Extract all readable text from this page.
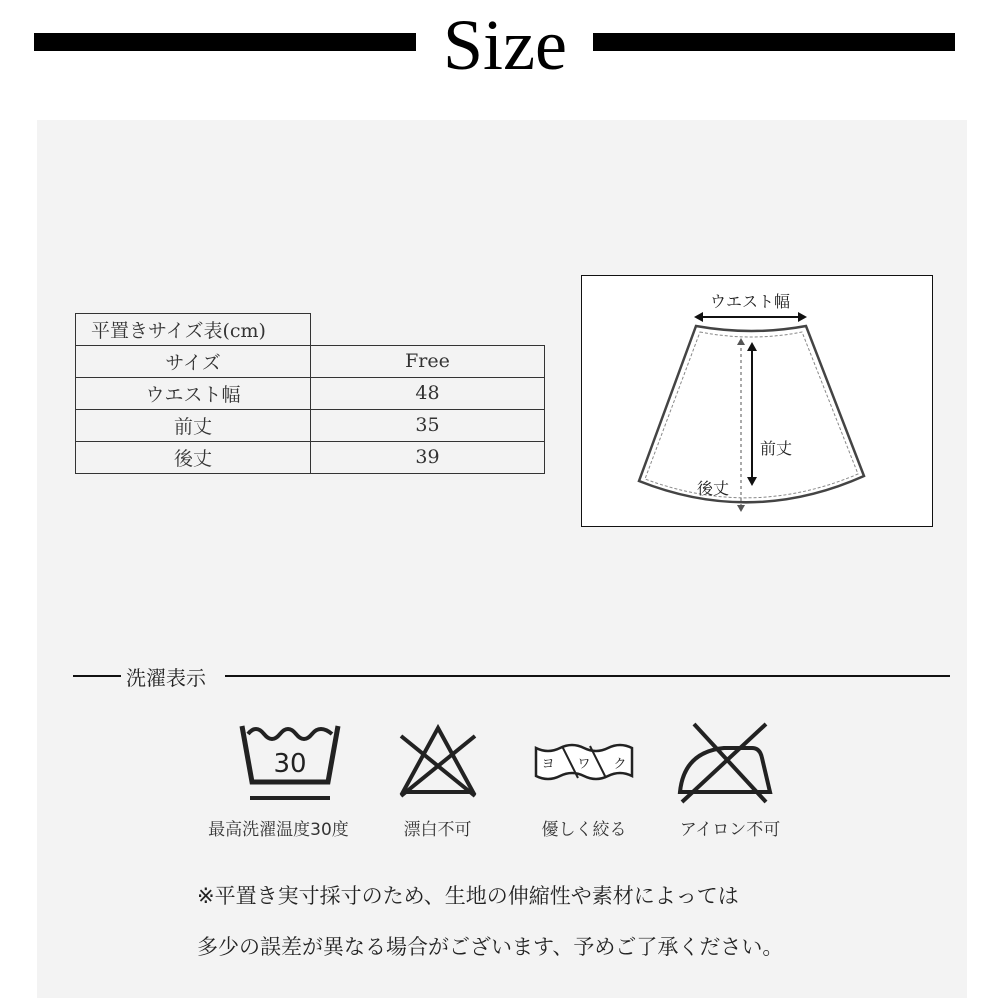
Size
平置きサイズ表(cm)	
サイズ	Free
ウエスト幅	48
前丈	35
後丈	39
ウエスト幅
前丈
後丈
洗濯表示
30
最高洗濯温度30度	漂白不可
ヨ ワ ク
優しく絞る	アイロン不可
※平置き実寸採寸のため、生地の伸縮性や素材によっては
多少の誤差が異なる場合がございます、予めご了承ください。
